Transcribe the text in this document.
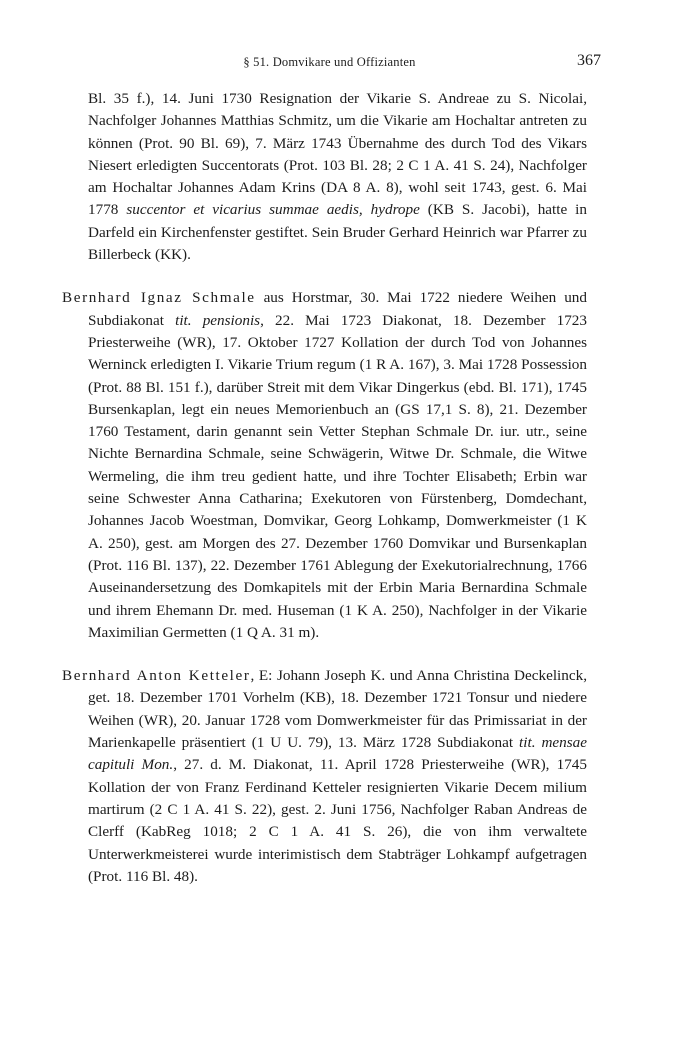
§ 51. Domvikare und Offizianten	367

Bl. 35 f.), 14. Juni 1730 Resignation der Vikarie S. Andreae zu S. Nicolai, Nachfolger Johannes Matthias Schmitz, um die Vikarie am Hochaltar antreten zu können (Prot. 90 Bl. 69), 7. März 1743 Übernahme des durch Tod des Vikars Niesert erledigten Succentorats (Prot. 103 Bl. 28; 2 C 1 A. 41 S. 24), Nachfolger am Hochaltar Johannes Adam Krins (DA 8 A. 8), wohl seit 1743, gest. 6. Mai 1778 succentor et vicarius summae aedis, hydrope (KB S. Jacobi), hatte in Darfeld ein Kirchenfenster gestiftet. Sein Bruder Gerhard Heinrich war Pfarrer zu Billerbeck (KK).

Bernhard Ignaz Schmale aus Horstmar, 30. Mai 1722 niedere Weihen und Subdiakonat tit. pensionis, 22. Mai 1723 Diakonat, 18. Dezember 1723 Priesterweihe (WR), 17. Oktober 1727 Kollation der durch Tod von Johannes Werninck erledigten I. Vikarie Trium regum (1 R A. 167), 3. Mai 1728 Possession (Prot. 88 Bl. 151 f.), darüber Streit mit dem Vikar Dingerkus (ebd. Bl. 171), 1745 Bursenkaplan, legt ein neues Memorienbuch an (GS 17,1 S. 8), 21. Dezember 1760 Testament, darin genannt sein Vetter Stephan Schmale Dr. iur. utr., seine Nichte Bernardina Schmale, seine Schwägerin, Witwe Dr. Schmale, die Witwe Wermeling, die ihm treu gedient hatte, und ihre Tochter Elisabeth; Erbin war seine Schwester Anna Catharina; Exekutoren von Fürstenberg, Domdechant, Johannes Jacob Woestman, Domvikar, Georg Lohkamp, Domwerkmeister (1 K A. 250), gest. am Morgen des 27. Dezember 1760 Domvikar und Bursenkaplan (Prot. 116 Bl. 137), 22. Dezember 1761 Ablegung der Exekutorialrechnung, 1766 Auseinandersetzung des Domkapitels mit der Erbin Maria Bernardina Schmale und ihrem Ehemann Dr. med. Huseman (1 K A. 250), Nachfolger in der Vikarie Maximilian Germetten (1 Q A. 31 m).

Bernhard Anton Ketteler, E: Johann Joseph K. und Anna Christina Deckelinck, get. 18. Dezember 1701 Vorhelm (KB), 18. Dezember 1721 Tonsur und niedere Weihen (WR), 20. Januar 1728 vom Domwerkmeister für das Primissariat in der Marienkapelle präsentiert (1 U U. 79), 13. März 1728 Subdiakonat tit. mensae capituli Mon., 27. d. M. Diakonat, 11. April 1728 Priesterweihe (WR), 1745 Kollation der von Franz Ferdinand Ketteler resignierten Vikarie Decem milium martirum (2 C 1 A. 41 S. 22), gest. 2. Juni 1756, Nachfolger Raban Andreas de Clerff (KabReg 1018; 2 C 1 A. 41 S. 26), die von ihm verwaltete Unterwerkmeisterei wurde interimistisch dem Stabträger Lohkampf aufgetragen (Prot. 116 Bl. 48).
